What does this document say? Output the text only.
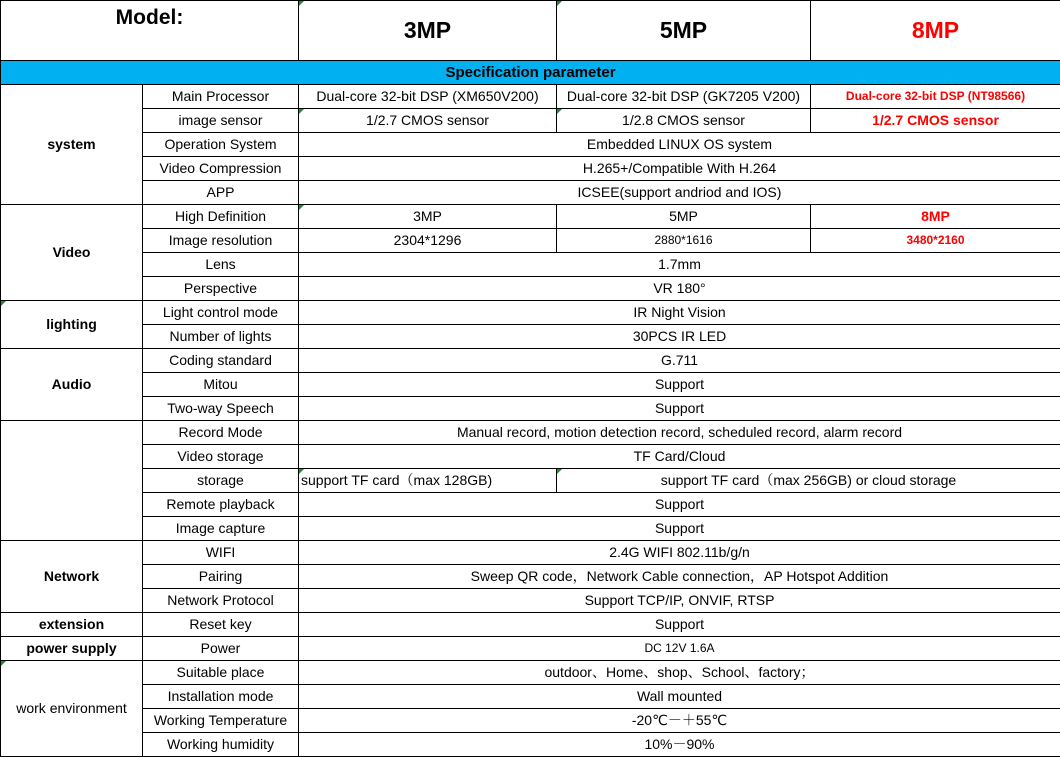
Model:		3MP	5MP	8MP
Specification parameter				
system	Main Processor	Dual-core 32-bit DSP (XM650V200)	Dual-core 32-bit DSP (GK7205 V200)	Dual-core 32-bit DSP (NT98566)
	image sensor	1/2.7 CMOS sensor	1/2.8 CMOS sensor	1/2.7 CMOS sensor
	Operation System	Embedded LINUX OS system		
	Video Compression	H.265+/Compatible With H.264		
	APP	ICSEE(support andriod and IOS)		
Video	High Definition	3MP	5MP	8MP
	Image resolution	2304*1296	2880*1616	3480*2160
	Lens	1.7mm		
	Perspective	VR 180°		
lighting	Light control mode	IR Night Vision		
	Number of lights	30PCS IR LED		
Audio	Coding standard	G.711		
	Mitou	Support		
	Two-way Speech	Support		
	Record Mode	Manual record, motion detection record, scheduled record, alarm record		
	Video storage	TF Card/Cloud		
	storage	support TF card（max 128GB)	support TF card（max 256GB) or cloud storage	
	Remote playback	Support		
	Image capture	Support		
Network	WIFI	2.4G WIFI 802.11b/g/n		
	Pairing	Sweep QR code，Network Cable connection，AP Hotspot Addition		
	Network Protocol	Support TCP/IP, ONVIF, RTSP		
extension	Reset key	Support		
power supply	Power	DC 12V 1.6A		
work environment	Suitable place	outdoor、Home、shop、School、factory；		
	Installation mode	Wall mounted		
	Working Temperature	-20℃－＋55℃		
	Working humidity	10%－90%		
